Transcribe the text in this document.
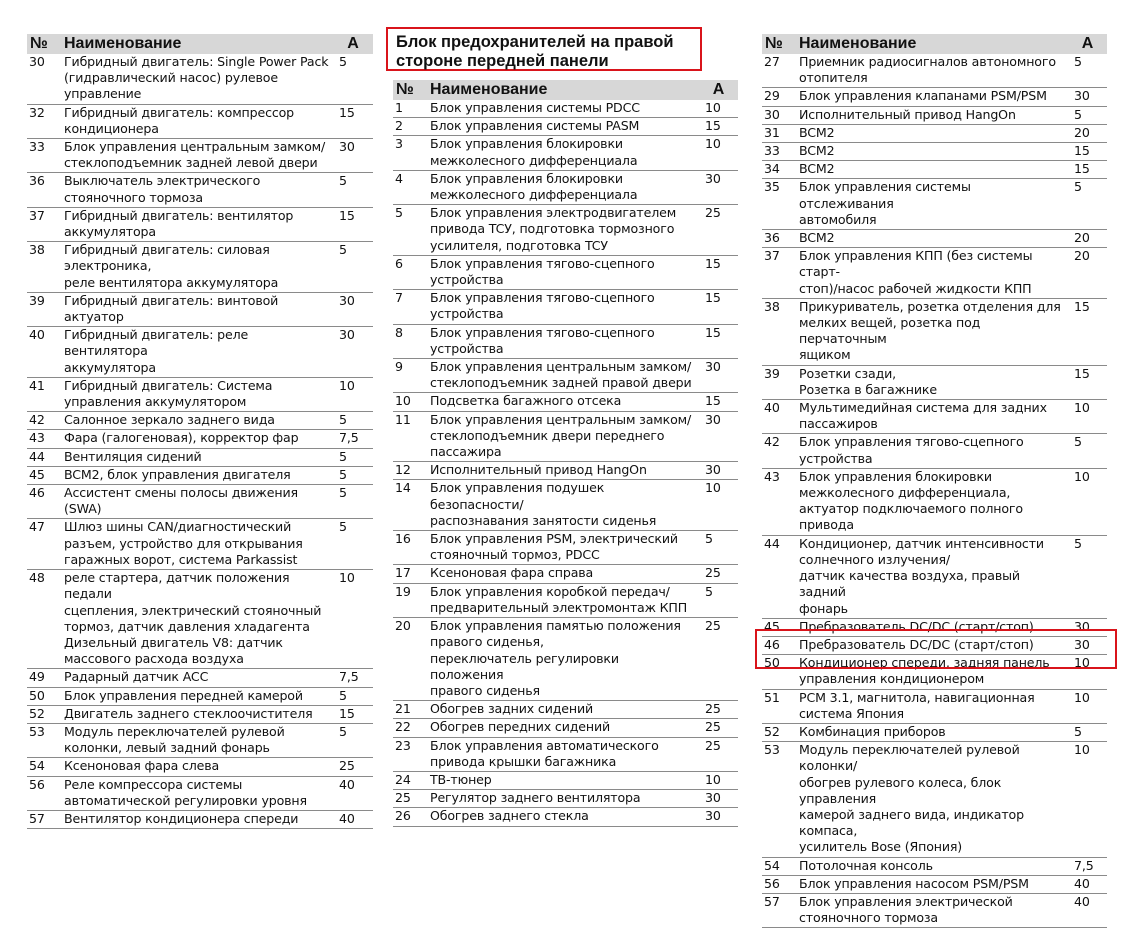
№	Наименование	A

30	Гибридный двигатель: Single Power Pack
(гидравлический насос) рулевое
управление	5

32	Гибридный двигатель: компрессор
кондиционера	15

33	Блок управления центральным замком/
стеклоподъемник задней левой двери	30

36	Выключатель электрического
стояночного тормоза	5

37	Гибридный двигатель: вентилятор
аккумулятора	15

38	Гибридный двигатель: силовая
электроника,
реле вентилятора аккумулятора	5

39	Гибридный двигатель: винтовой актуатор	30

40	Гибридный двигатель: реле вентилятора
аккумулятора	30

41	Гибридный двигатель: Система
управления аккумулятором	10

42	Салонное зеркало заднего вида	5

43	Фара (галогеновая), корректор фар	7,5

44	Вентиляция сидений	5

45	BCM2, блок управления двигателя	5

46	Ассистент смены полосы движения (SWA)	5

47	Шлюз шины CAN/диагностический
разъем, устройство для открывания
гаражных ворот, система Parkassist	5

48	реле стартера, датчик положения педали
сцепления, электрический стояночный
тормоз, датчик давления хладагента
Дизельный двигатель V8: датчик
массового расхода воздуха	10

49	Радарный датчик ACC	7,5

50	Блок управления передней камерой	5

52	Двигатель заднего стеклоочистителя	15

53	Модуль переключателей рулевой
колонки, левый задний фонарь	5

54	Ксеноновая фара слева	25

56	Реле компрессора системы
автоматической регулировки уровня	40

57	Вентилятор кондиционера спереди	40
Блок предохранителей на правой стороне передней панели
№	Наименование	A

1	Блок управления системы PDCC	10

2	Блок управления системы PASM	15

3	Блок управления блокировки
межколесного дифференциала	10

4	Блок управления блокировки
межколесного дифференциала	30

5	Блок управления электродвигателем
привода TCУ, подготовка тормозного
усилителя, подготовка TCУ	25

6	Блок управления тягово-сцепного
устройства	15

7	Блок управления тягово-сцепного
устройства	15

8	Блок управления тягово-сцепного
устройства	15

9	Блок управления центральным замком/
стеклоподъемник задней правой двери	30

10	Подсветка багажного отсека	15

11	Блок управления центральным замком/
стеклоподъемник двери переднего
пассажира	30

12	Исполнительный привод HangOn	30

14	Блок управления подушек безопасности/
распознавания занятости сиденья	10

16	Блок управления PSM, электрический
стояночный тормоз, PDCC	5

17	Ксеноновая фара справа	25

19	Блок управления коробкой передач/
предварительный электромонтаж КПП	5

20	Блок управления памятью положения
правого сиденья,
переключатель регулировки положения
правого сиденья	25

21	Обогрев задних сидений	25

22	Обогрев передних сидений	25

23	Блок управления автоматического
привода крышки багажника	25

24	ТВ-тюнер	10

25	Регулятор заднего вентилятора	30

26	Обогрев заднего стекла	30
№	Наименование	A

27	Приемник радиосигналов автономного
отопителя	5

29	Блок управления клапанами PSM/PSM	30

30	Исполнительный привод HangOn	5

31	BCM2	20

33	BCM2	15

34	BCM2	15

35	Блок управления системы отслеживания
автомобиля	5

36	BCM2	20

37	Блок управления КПП (без системы старт-
стоп)/насос рабочей жидкости КПП	20

38	Прикуриватель, розетка отделения для
мелких вещей, розетка под перчаточным
ящиком	15

39	Розетки сзади,
Розетка в багажнике	15

40	Мультимедийная система для задних
пассажиров	10

42	Блок управления тягово-сцепного
устройства	5

43	Блок управления блокировки
межколесного дифференциала,
актуатор подключаемого полного привода	10

44	Кондиционер, датчик интенсивности
солнечного излучения/
датчик качества воздуха, правый задний
фонарь	5

45	Пребразователь DC/DC (старт/стоп)	30

46	Пребразователь DC/DC (старт/стоп)	30

50	Кондиционер спереди, задняя панель
управления кондиционером	10

51	PCM 3.1, магнитола, навигационная
система Япония	10

52	Комбинация приборов	5

53	Модуль переключателей рулевой колонки/
обогрев рулевого колеса, блок управления
камерой заднего вида, индикатор компаса,
усилитель Bose (Япония)	10

54	Потолочная консоль	7,5

56	Блок управления насосом PSM/PSM	40

57	Блок управления электрической
стояночного тормоза	40
